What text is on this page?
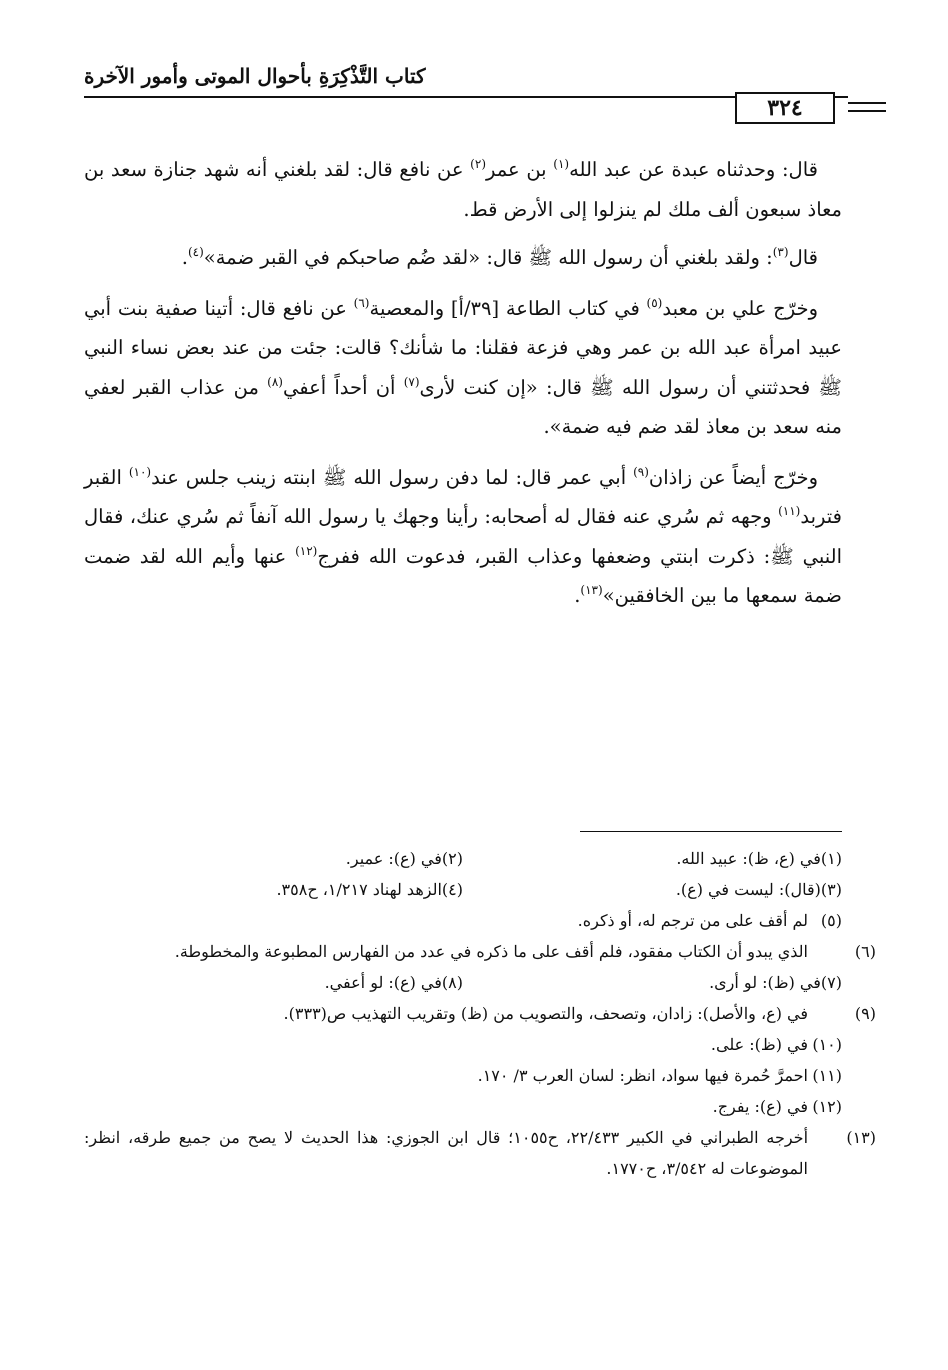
كتاب التَّذْكِرَةِ بأحوال الموتى وأمور الآخرة
٣٢٤

قال: وحدثناه عبدة عن عبد الله$^{(١)}$ بن عمر$^{(٢)}$ عن نافع قال: لقد بلغني أنه شهد جنازة سعد بن معاذ سبعون ألف ملك لم ينزلوا إلى الأرض قط.

قال$^{(٣)}$: ولقد بلغني أن رسول الله ﷺ قال: «لقد ضُم صاحبكم في القبر ضمة»$^{(٤)}$.

وخرّج علي بن معبد$^{(٥)}$ في كتاب الطاعة [٣٩/أ] والمعصية$^{(٦)}$ عن نافع قال: أتينا صفية بنت أبي عبيد امرأة عبد الله بن عمر وهي فزعة فقلنا: ما شأنك؟ قالت: جئت من عند بعض نساء النبي ﷺ فحدثتني أن رسول الله ﷺ قال: «إن كنت لأرى$^{(٧)}$ أن أحداً أعفي$^{(٨)}$ من عذاب القبر لعفي منه سعد بن معاذ لقد ضم فيه ضمة».

وخرّج أيضاً عن زاذان$^{(٩)}$ أبي عمر قال: لما دفن رسول الله ﷺ ابنته زينب جلس عند$^{(١٠)}$ القبر فتربد$^{(١١)}$ وجهه ثم سُري عنه فقال له أصحابه: رأينا وجهك يا رسول الله آنفاً ثم سُري عنك، فقال النبي ﷺ: ذكرت ابنتي وضعفها وعذاب القبر، فدعوت الله ففرج$^{(١٢)}$ عنها وأيم الله لقد ضمت ضمة سمعها ما بين الخافقين»$^{(١٣)}$.

(١)في (ع، ظ): عبيد الله.
(٢)في (ع): عمير.
(٣)(قال): ليست في (ع).
(٤)الزهد لهناد ١/٢١٧، ح٣٥٨.
(٥)لم أقف على من ترجم له، أو ذكره.
(٦)الذي يبدو أن الكتاب مفقود، فلم أقف على ما ذكره في عدد من الفهارس المطبوعة والمخطوطة.
(٧)في (ظ): لو أرى.
(٨)في (ع): لو أعفي.
(٩)في (ع، والأصل): زادان، وتصحف، والتصويب من (ظ) وتقريب التهذيب ص(٣٣٣).
(١٠)في (ظ): على.
(١١)احمرَّ حُمرة فيها سواد، انظر: لسان العرب ٣/ ١٧٠.
(١٢)في (ع): يفرج.
(١٣)أخرجه الطبراني في الكبير ٢٢/٤٣٣، ح١٠٥٥؛ قال ابن الجوزي: هذا الحديث لا يصح من جميع طرقه، انظر: الموضوعات له ٣/٥٤٢، ح١٧٧٠.
